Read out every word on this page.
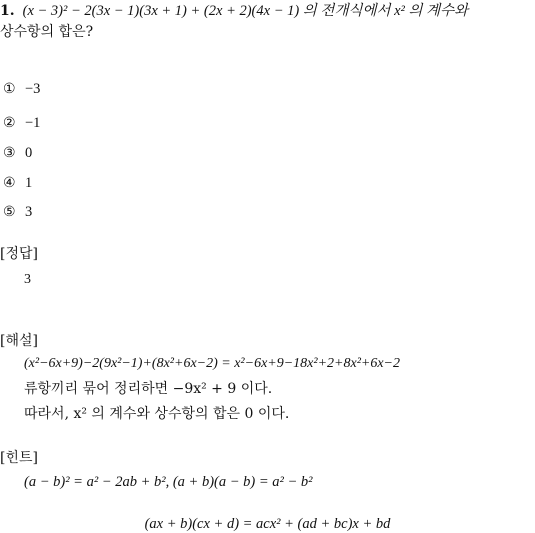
1. (x − 3)² − 2(3x − 1)(3x + 1) + (2x + 2)(4x − 1) 의 전개식에서 x² 의 계수와
상수항의 합은?
① −3
② −1
③ 0
④ 1
⑤ 3
[정답]
3
[해설]
(x²−6x+9)−2(9x²−1)+(8x²+6x−2) = x²−6x+9−18x²+2+8x²+6x−2
류항끼리 묶어 정리하면 −9x² + 9 이다.
따라서, x² 의 계수와 상수항의 합은 0 이다.
[힌트]
(a − b)² = a² − 2ab + b², (a + b)(a − b) = a² − b²
(ax + b)(cx + d) = acx² + (ad + bc)x + bd
